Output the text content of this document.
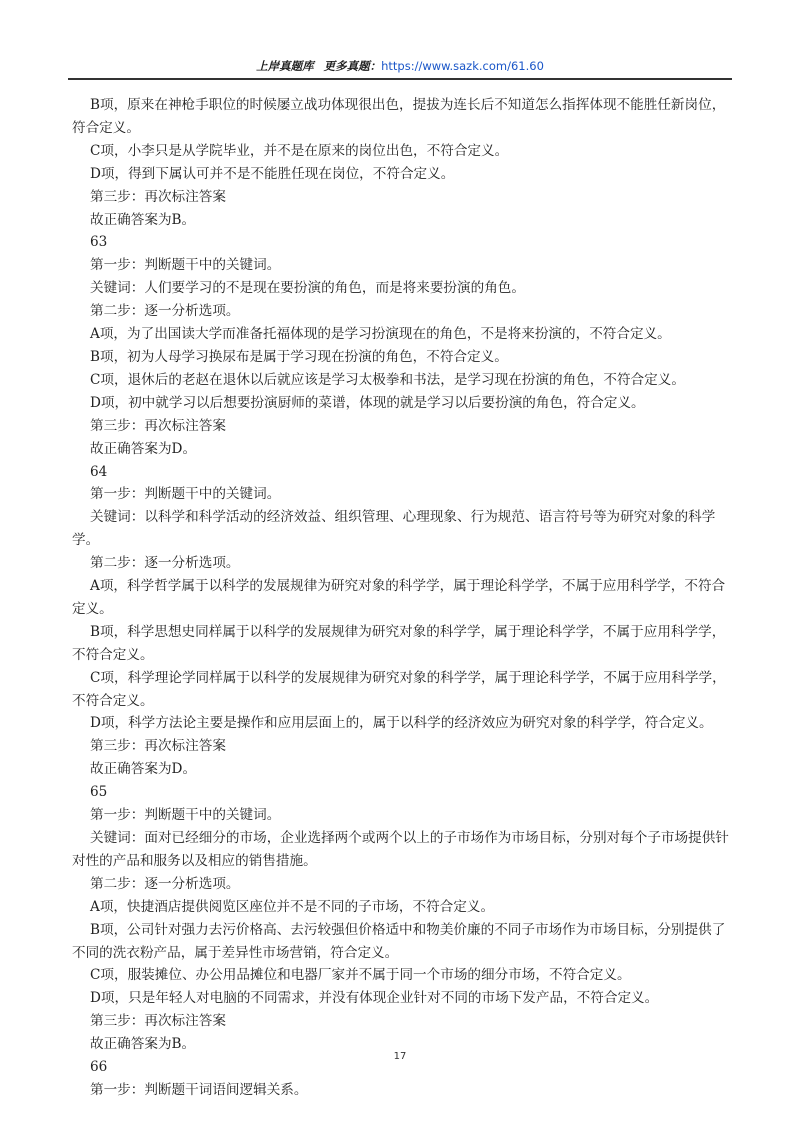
上岸真题库 更多真题：https://www.sazk.com/61.60

B项，原来在神枪手职位的时候屡立战功体现很出色，提拔为连长后不知道怎么指挥体现不能胜任新岗位，符合定义。

C项，小李只是从学院毕业，并不是在原来的岗位出色，不符合定义。

D项，得到下属认可并不是不能胜任现在岗位，不符合定义。

第三步：再次标注答案

故正确答案为B。

63

第一步：判断题干中的关键词。

关键词：人们要学习的不是现在要扮演的角色，而是将来要扮演的角色。

第二步：逐一分析选项。

A项，为了出国读大学而准备托福体现的是学习扮演现在的角色，不是将来扮演的，不符合定义。

B项，初为人母学习换尿布是属于学习现在扮演的角色，不符合定义。

C项，退休后的老赵在退休以后就应该是学习太极拳和书法，是学习现在扮演的角色，不符合定义。

D项，初中就学习以后想要扮演厨师的菜谱，体现的就是学习以后要扮演的角色，符合定义。

第三步：再次标注答案

故正确答案为D。

64

第一步：判断题干中的关键词。

关键词：以科学和科学活动的经济效益、组织管理、心理现象、行为规范、语言符号等为研究对象的科学学。

第二步：逐一分析选项。

A项，科学哲学属于以科学的发展规律为研究对象的科学学，属于理论科学学，不属于应用科学学，不符合定义。

B项，科学思想史同样属于以科学的发展规律为研究对象的科学学，属于理论科学学，不属于应用科学学，不符合定义。

C项，科学理论学同样属于以科学的发展规律为研究对象的科学学，属于理论科学学，不属于应用科学学，不符合定义。

D项，科学方法论主要是操作和应用层面上的，属于以科学的经济效应为研究对象的科学学，符合定义。

第三步：再次标注答案

故正确答案为D。

65

第一步：判断题干中的关键词。

关键词：面对已经细分的市场，企业选择两个或两个以上的子市场作为市场目标，分别对每个子市场提供针对性的产品和服务以及相应的销售措施。

第二步：逐一分析选项。

A项，快捷酒店提供阅览区座位并不是不同的子市场，不符合定义。

B项，公司针对强力去污价格高、去污较强但价格适中和物美价廉的不同子市场作为市场目标，分别提供了不同的洗衣粉产品，属于差异性市场营销，符合定义。

C项，服装摊位、办公用品摊位和电器厂家并不属于同一个市场的细分市场，不符合定义。

D项，只是年轻人对电脑的不同需求，并没有体现企业针对不同的市场下发产品，不符合定义。

第三步：再次标注答案

故正确答案为B。

66

第一步：判断题干词语间逻辑关系。

17
